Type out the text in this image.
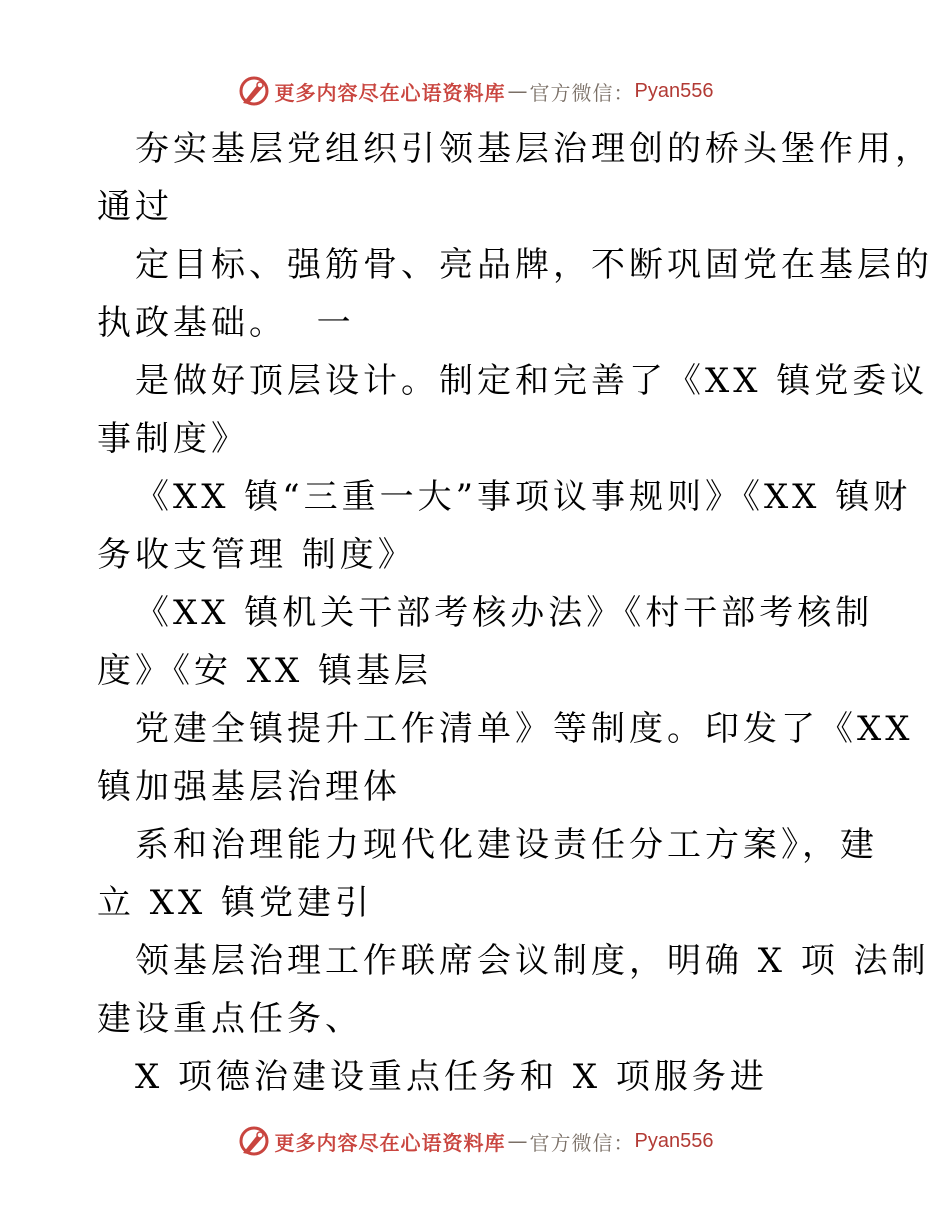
更多内容尽在心语资料库 — 官方微信： Pyan556
夯实基层党组织引领基层治理创的桥头堡作用，
通过
定目标、强筋骨、亮品牌，不断巩固党在基层的
执政基础。  一
是做好顶层设计。制定和完善了《XX 镇党委议
事制度》
《XX 镇“三重一大”事项议事规则》《XX 镇财
务收支管理 制度》
《XX 镇机关干部考核办法》《村干部考核制
度》《安 XX 镇基层
党建全镇提升工作清单》等制度。印发了《XX
镇加强基层治理体
系和治理能力现代化建设责任分工方案》，建
立 XX 镇党建引
领基层治理工作联席会议制度，明确 X 项 法制
建设重点任务、
X 项德治建设重点任务和 X 项服务进
更多内容尽在心语资料库 — 官方微信： Pyan556
